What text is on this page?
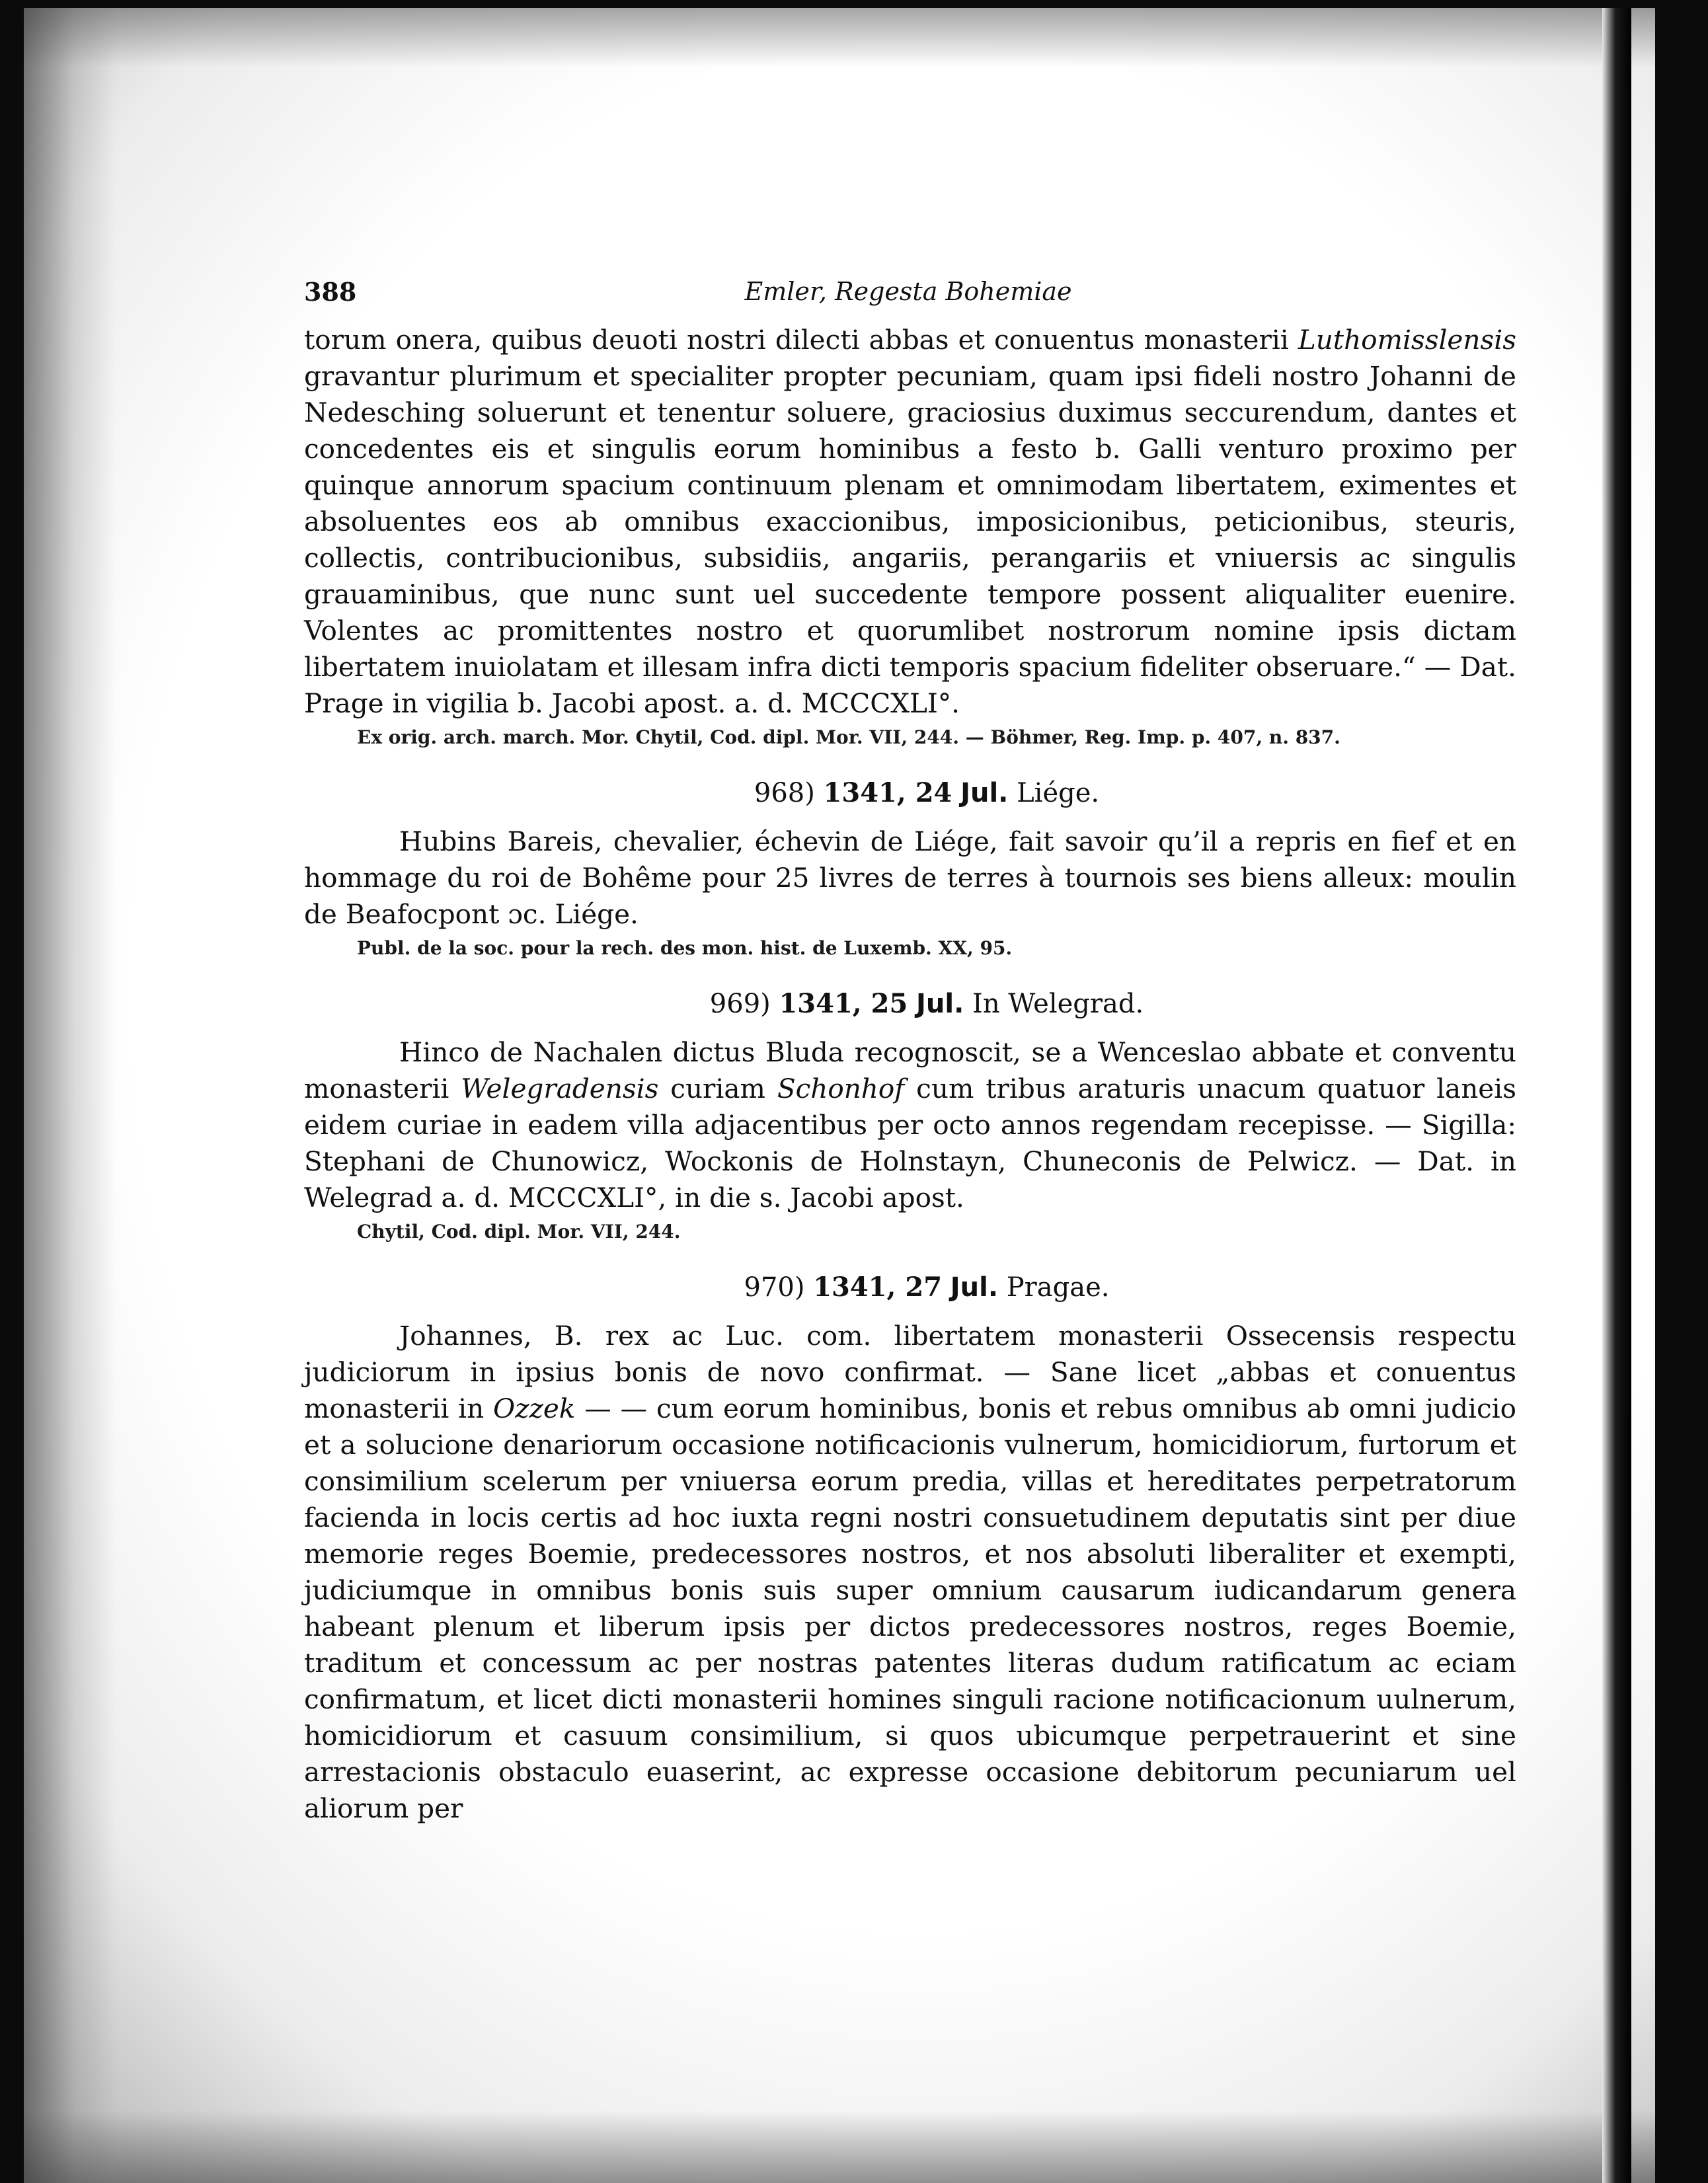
388	Emler, Regesta Bohemiae

torum onera, quibus deuoti nostri dilecti abbas et conuentus monasterii Luthomisslensis gravantur plurimum et specialiter propter pecuniam, quam ipsi fideli nostro Johanni de Nedesching soluerunt et tenentur soluere, graciosius duximus seccurendum, dantes et concedentes eis et singulis eorum hominibus a festo b. Galli venturo proximo per quinque annorum spacium continuum plenam et omnimodam libertatem, eximentes et absoluentes eos ab omnibus exaccionibus, imposicionibus, peticionibus, steuris, collectis, contribucionibus, subsidiis, angariis, perangariis et vniuersis ac singulis grauaminibus, que nunc sunt uel succedente tempore possent aliqualiter euenire. Volentes ac promittentes nostro et quorumlibet nostrorum nomine ipsis dictam libertatem inuiolatam et illesam infra dicti temporis spacium fideliter obseruare.“ — Dat. Prage in vigilia b. Jacobi apost. a. d. MCCCXLI°.

Ex orig. arch. march. Mor. Chytil, Cod. dipl. Mor. VII, 244. — Böhmer, Reg. Imp. p. 407, n. 837.
968) 1341, 24 Jul. Liége.

Hubins Bareis, chevalier, échevin de Liége, fait savoir qu’il a repris en fief et en hommage du roi de Bohême pour 25 livres de terres à tournois ses biens alleux: moulin de Beafocpont ɔc. Liége.

Publ. de la soc. pour la rech. des mon. hist. de Luxemb. XX, 95.
969) 1341, 25 Jul. In Welegrad.

Hinco de Nachalen dictus Bluda recognoscit, se a Wenceslao abbate et conventu monasterii Welegradensis curiam Schonhof cum tribus araturis unacum quatuor laneis eidem curiae in eadem villa adjacentibus per octo annos regendam recepisse. — Sigilla: Stephani de Chunowicz, Wockonis de Holnstayn, Chuneconis de Pelwicz. — Dat. in Welegrad a. d. MCCCXLI°, in die s. Jacobi apost.

Chytil, Cod. dipl. Mor. VII, 244.
970) 1341, 27 Jul. Pragae.

Johannes, B. rex ac Luc. com. libertatem monasterii Ossecensis respectu judiciorum in ipsius bonis de novo confirmat. — Sane licet „abbas et conuentus monasterii in Ozzek — — cum eorum hominibus, bonis et rebus omnibus ab omni judicio et a solucione denariorum occasione notificacionis vulnerum, homicidiorum, furtorum et consimilium scelerum per vniuersa eorum predia, villas et hereditates perpetratorum facienda in locis certis ad hoc iuxta regni nostri consuetudinem deputatis sint per diue memorie reges Boemie, predecessores nostros, et nos absoluti liberaliter et exempti, judiciumque in omnibus bonis suis super omnium causarum iudicandarum genera habeant plenum et liberum ipsis per dictos predecessores nostros, reges Boemie, traditum et concessum ac per nostras patentes literas dudum ratificatum ac eciam confirmatum, et licet dicti monasterii homines singuli racione notificacionum uulnerum, homicidiorum et casuum consimilium, si quos ubicumque perpetrauerint et sine arrestacionis obstaculo euaserint, ac expresse occasione debitorum pecuniarum uel aliorum per
